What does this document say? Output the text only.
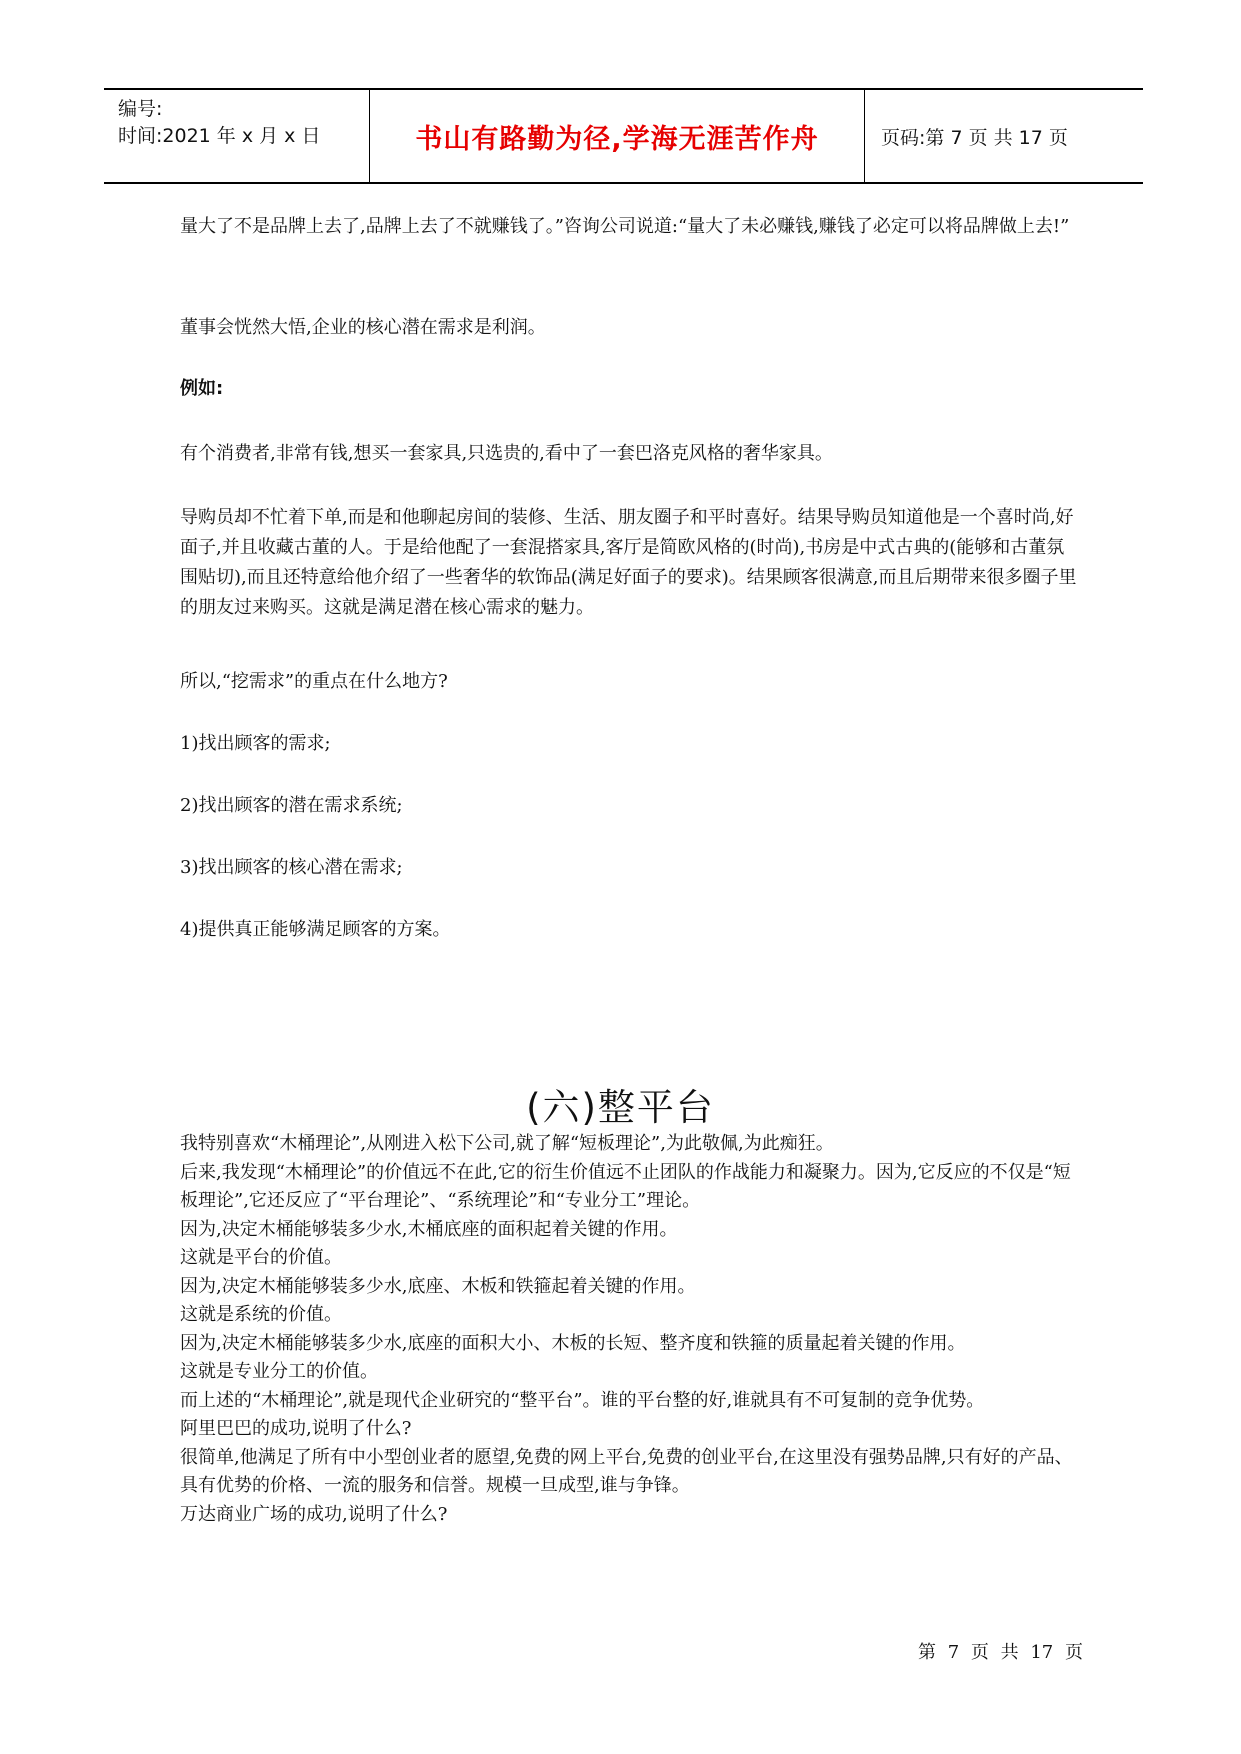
编号:
时间:2021 年 x 月 x 日	书山有路勤为径,学海无涯苦作舟	页码:第 7 页 共 17 页

量大了不是品牌上去了,品牌上去了不就赚钱了。”咨询公司说道:“量大了未必赚钱,赚钱了必定可以将品牌做上去!”

董事会恍然大悟,企业的核心潜在需求是利润。

例如:

有个消费者,非常有钱,想买一套家具,只选贵的,看中了一套巴洛克风格的奢华家具。

导购员却不忙着下单,而是和他聊起房间的装修、生活、朋友圈子和平时喜好。结果导购员知道他是一个喜时尚,好面子,并且收藏古董的人。于是给他配了一套混搭家具,客厅是简欧风格的(时尚),书房是中式古典的(能够和古董氛围贴切),而且还特意给他介绍了一些奢华的软饰品(满足好面子的要求)。结果顾客很满意,而且后期带来很多圈子里的朋友过来购买。这就是满足潜在核心需求的魅力。

所以,“挖需求”的重点在什么地方?

1)找出顾客的需求;

2)找出顾客的潜在需求系统;

3)找出顾客的核心潜在需求;

4)提供真正能够满足顾客的方案。

(六)整平台
我特别喜欢“木桶理论”,从刚进入松下公司,就了解“短板理论”,为此敬佩,为此痴狂。
后来,我发现“木桶理论”的价值远不在此,它的衍生价值远不止团队的作战能力和凝聚力。因为,它反应的不仅是“短板理论”,它还反应了“平台理论”、“系统理论”和“专业分工”理论。
因为,决定木桶能够装多少水,木桶底座的面积起着关键的作用。
这就是平台的价值。
因为,决定木桶能够装多少水,底座、木板和铁箍起着关键的作用。
这就是系统的价值。
因为,决定木桶能够装多少水,底座的面积大小、木板的长短、整齐度和铁箍的质量起着关键的作用。
这就是专业分工的价值。
而上述的“木桶理论”,就是现代企业研究的“整平台”。谁的平台整的好,谁就具有不可复制的竞争优势。
阿里巴巴的成功,说明了什么?
很简单,他满足了所有中小型创业者的愿望,免费的网上平台,免费的创业平台,在这里没有强势品牌,只有好的产品、具有优势的价格、一流的服务和信誉。规模一旦成型,谁与争锋。
万达商业广场的成功,说明了什么?
第 7 页 共 17 页
